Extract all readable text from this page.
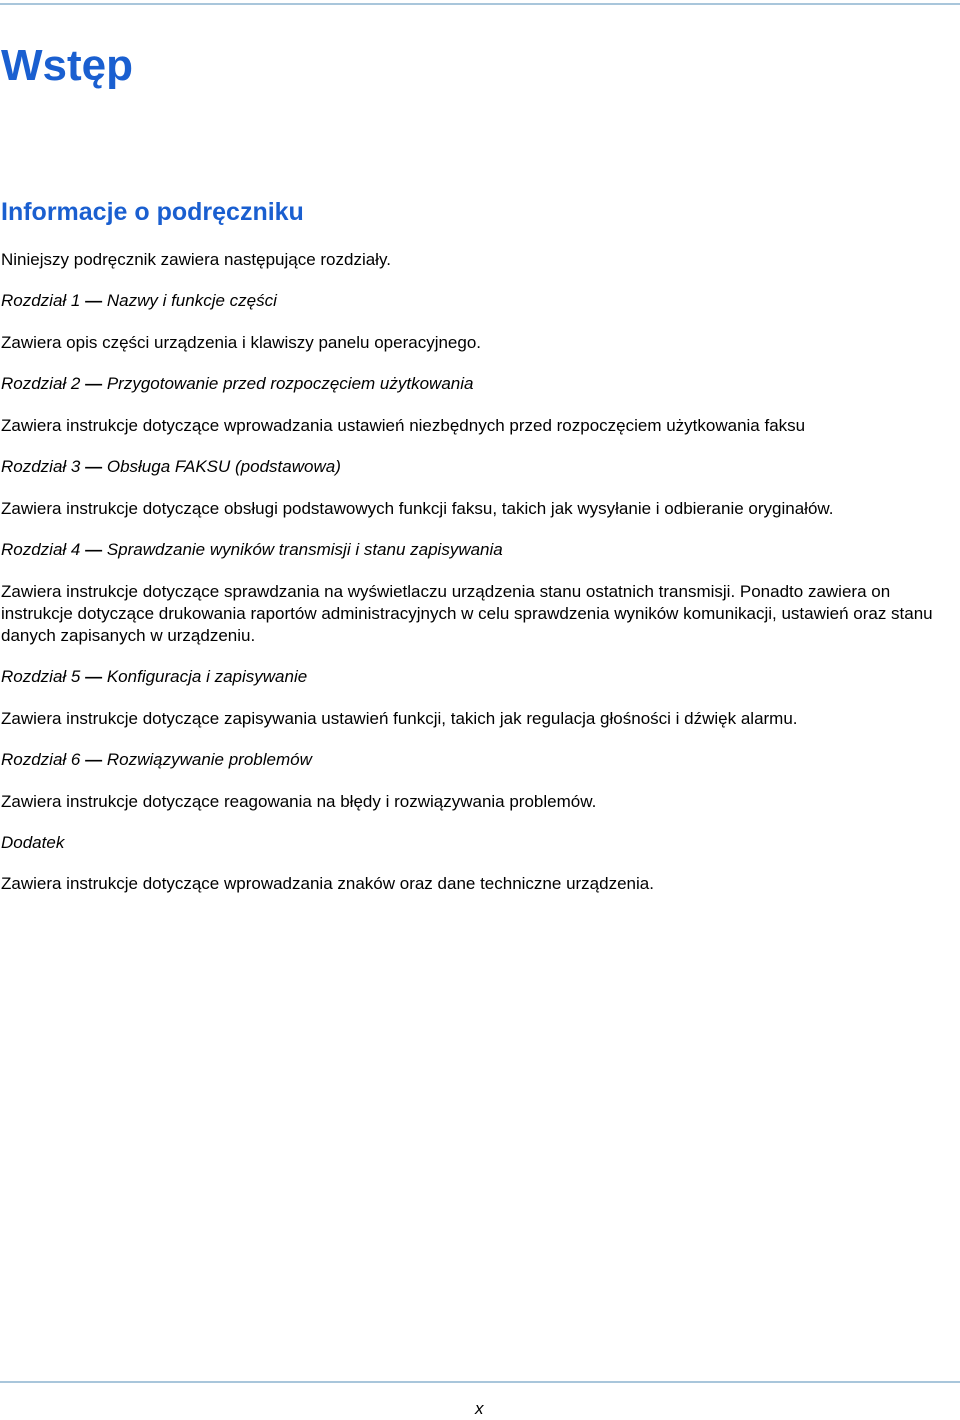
Wstęp
Informacje o podręczniku

Niniejszy podręcznik zawiera następujące rozdziały.

Rozdział 1 — Nazwy i funkcje części

Zawiera opis części urządzenia i klawiszy panelu operacyjnego.

Rozdział 2 — Przygotowanie przed rozpoczęciem użytkowania

Zawiera instrukcje dotyczące wprowadzania ustawień niezbędnych przed rozpoczęciem użytkowania faksu

Rozdział 3 — Obsługa FAKSU (podstawowa)

Zawiera instrukcje dotyczące obsługi podstawowych funkcji faksu, takich jak wysyłanie i odbieranie oryginałów.

Rozdział 4 — Sprawdzanie wyników transmisji i stanu zapisywania

Zawiera instrukcje dotyczące sprawdzania na wyświetlaczu urządzenia stanu ostatnich transmisji. Ponadto zawiera on instrukcje dotyczące drukowania raportów administracyjnych w celu sprawdzenia wyników komunikacji, ustawień oraz stanu danych zapisanych w urządzeniu.

Rozdział 5 — Konfiguracja i zapisywanie

Zawiera instrukcje dotyczące zapisywania ustawień funkcji, takich jak regulacja głośności i dźwięk alarmu.

Rozdział 6 — Rozwiązywanie problemów

Zawiera instrukcje dotyczące reagowania na błędy i rozwiązywania problemów.

Dodatek

Zawiera instrukcje dotyczące wprowadzania znaków oraz dane techniczne urządzenia.

x
